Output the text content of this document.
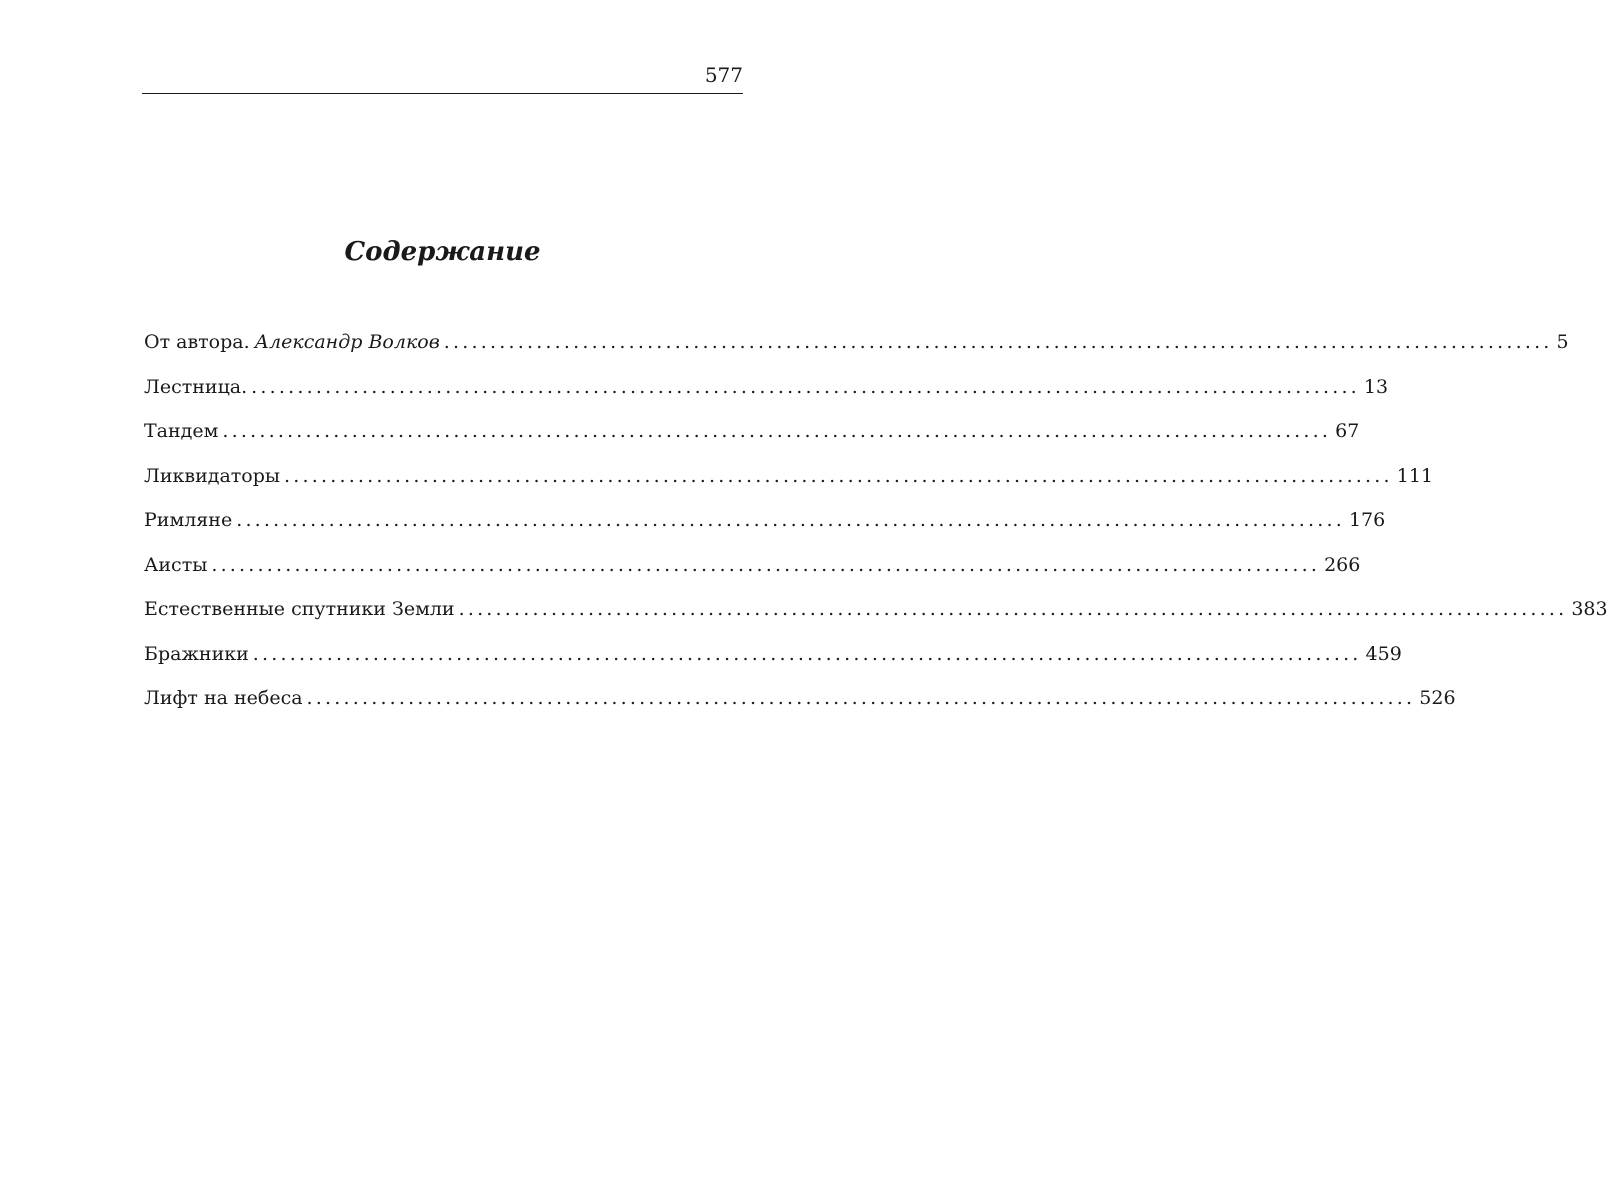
577
Содержание
От автора. Александр Волков ........................................................................................................................ 5
Лестница. ........................................................................................................................ 13
Тандем ........................................................................................................................ 67
Ликвидаторы ........................................................................................................................ 111
Римляне ........................................................................................................................ 176
Аисты ........................................................................................................................ 266
Естественные спутники Земли ........................................................................................................................ 383
Бражники ........................................................................................................................ 459
Лифт на небеса ........................................................................................................................ 526
